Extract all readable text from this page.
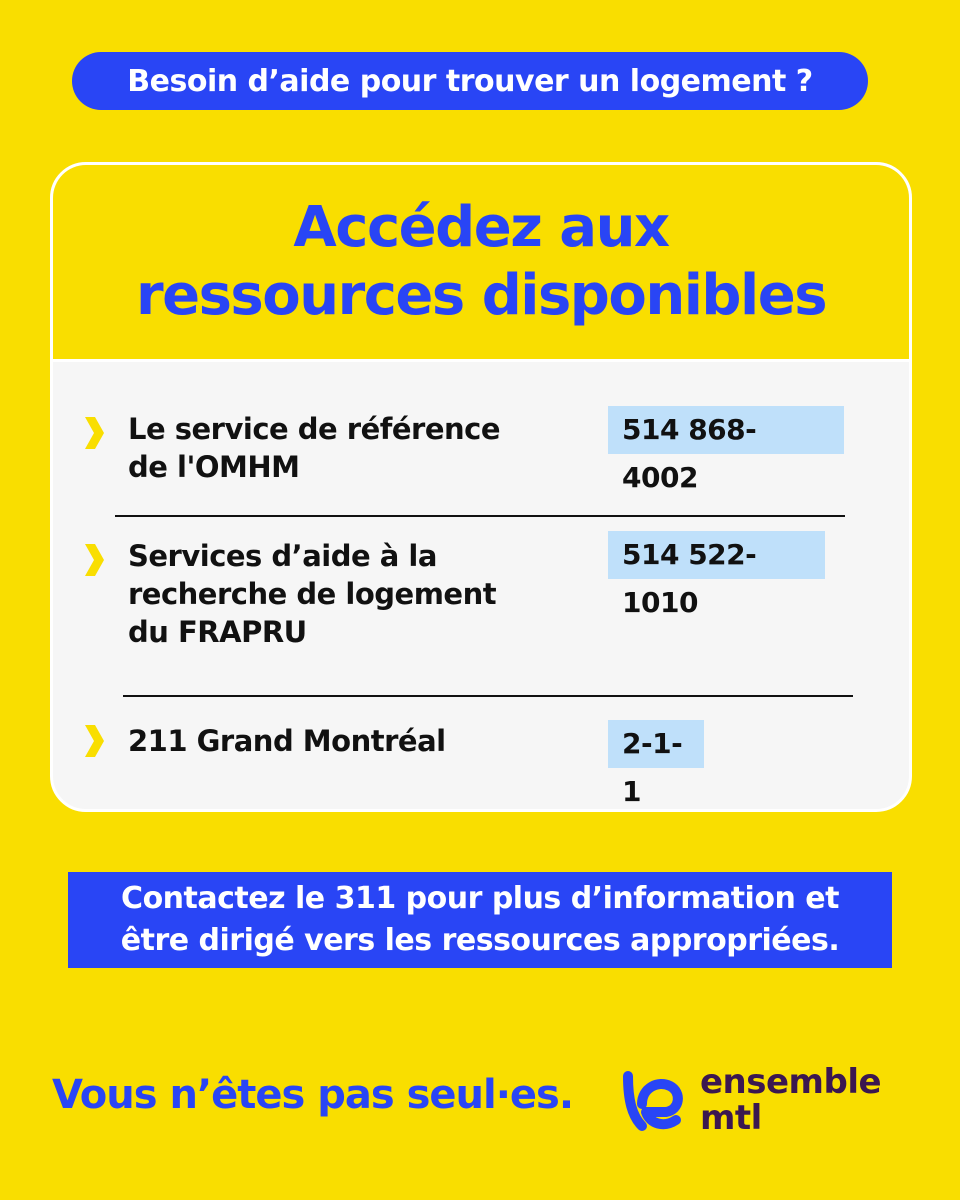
Besoin d’aide pour trouver un logement ?
Accédez aux
ressources disponibles
Le service de référence
de l'OMHM
514 868-4002
Services d’aide à la
recherche de logement
du FRAPRU
514 522-1010
211 Grand Montréal	2-1-1
Contactez le 311 pour plus d’information et
être dirigé vers les ressources appropriées.
Vous n’êtes pas seul·es.	ensemble
mtl
